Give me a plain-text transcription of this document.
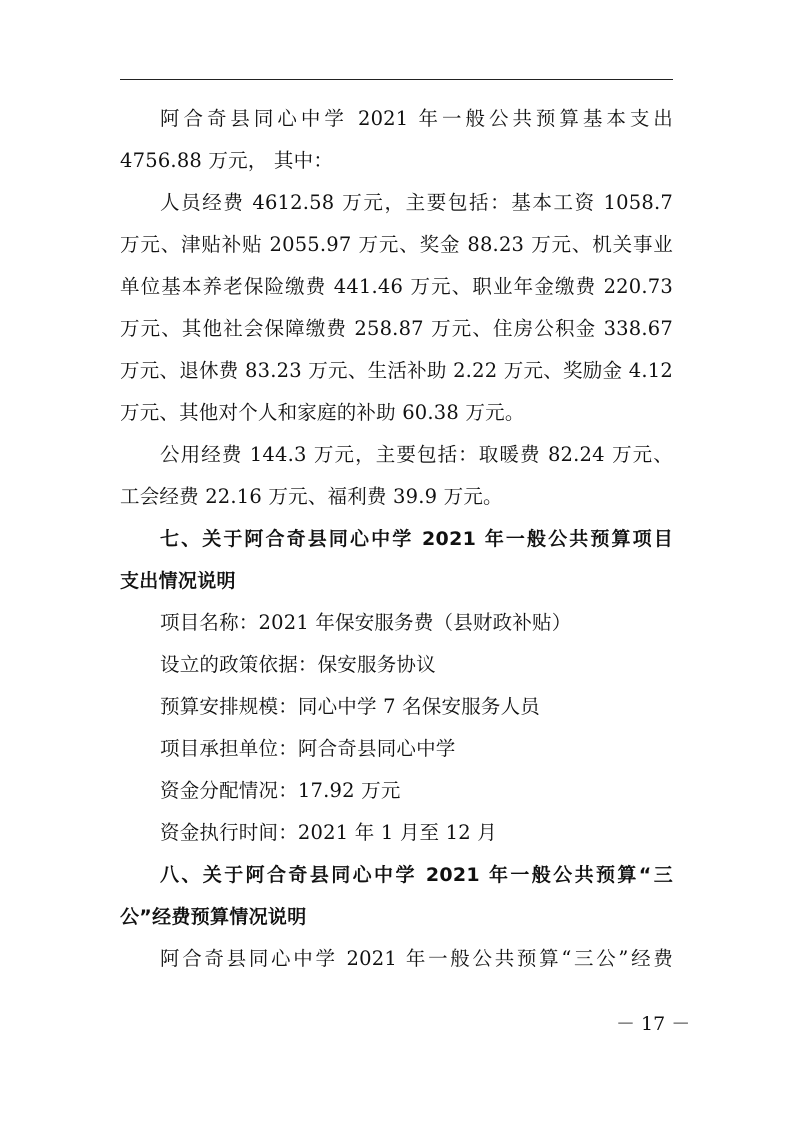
阿合奇县同心中学 2021 年一般公共预算基本支出
4756.88 万元， 其中：
人员经费 4612.58 万元，主要包括：基本工资 1058.7
万元、津贴补贴 2055.97 万元、奖金 88.23 万元、机关事业
单位基本养老保险缴费 441.46 万元、职业年金缴费 220.73
万元、其他社会保障缴费 258.87 万元、住房公积金 338.67
万元、退休费 83.23 万元、生活补助 2.22 万元、奖励金 4.12
万元、其他对个人和家庭的补助 60.38 万元。
公用经费 144.3 万元，主要包括：取暖费 82.24 万元、
工会经费 22.16 万元、福利费 39.9 万元。
七、关于阿合奇县同心中学 2021 年一般公共预算项目
支出情况说明
项目名称：2021 年保安服务费（县财政补贴）
设立的政策依据：保安服务协议
预算安排规模：同心中学 7 名保安服务人员
项目承担单位：阿合奇县同心中学
资金分配情况：17.92 万元
资金执行时间：2021 年 1 月至 12 月
八、关于阿合奇县同心中学 2021 年一般公共预算“三
公”经费预算情况说明
阿合奇县同心中学 2021 年一般公共预算“三公”经费
－ 17 －
